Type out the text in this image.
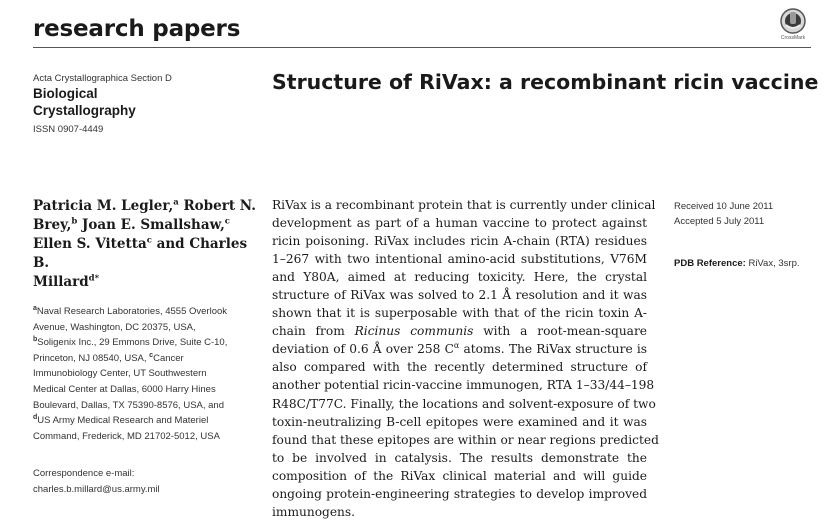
research papers	CrossMark
Acta Crystallographica Section D
Biological
Crystallography
ISSN 0907-4449
Structure of RiVax: a recombinant ricin vaccine
Patricia M. Legler,$^a$ Robert N.
Brey,$^b$ Joan E. Smallshaw,$^c$
Ellen S. Vitetta$^c$ and Charles B.
Millard$^{d*}$
$^a$Naval Research Laboratories, 4555 Overlook
Avenue, Washington, DC 20375, USA,
$^b$Soligenix Inc., 29 Emmons Drive, Suite C-10,
Princeton, NJ 08540, USA, $^c$Cancer
Immunobiology Center, UT Southwestern
Medical Center at Dallas, 6000 Harry Hines
Boulevard, Dallas, TX 75390-8576, USA, and
$^d$US Army Medical Research and Materiel
Command, Frederick, MD 21702-5012, USA
Correspondence e-mail:
charles.b.millard@us.army.mil
RiVax is a recombinant protein that is currently under clinical
development as part of a human vaccine to protect against
ricin poisoning. RiVax includes ricin A-chain (RTA) residues
1–267 with two intentional amino-acid substitutions, V76M
and Y80A, aimed at reducing toxicity. Here, the crystal
structure of RiVax was solved to 2.1 Å resolution and it was
shown that it is superposable with that of the ricin toxin A-
chain from Ricinus communis with a root-mean-square
deviation of 0.6 Å over 258 $C^\alpha$ atoms. The RiVax structure is
also compared with the recently determined structure of
another potential ricin-vaccine immunogen, RTA 1–33/44–198
R48C/T77C. Finally, the locations and solvent-exposure of two
toxin-neutralizing B-cell epitopes were examined and it was
found that these epitopes are within or near regions predicted
to be involved in catalysis. The results demonstrate the
composition of the RiVax clinical material and will guide
ongoing protein-engineering strategies to develop improved
immunogens.
Received 10 June 2011
Accepted 5 July 2011
PDB Reference: RiVax, 3srp.
